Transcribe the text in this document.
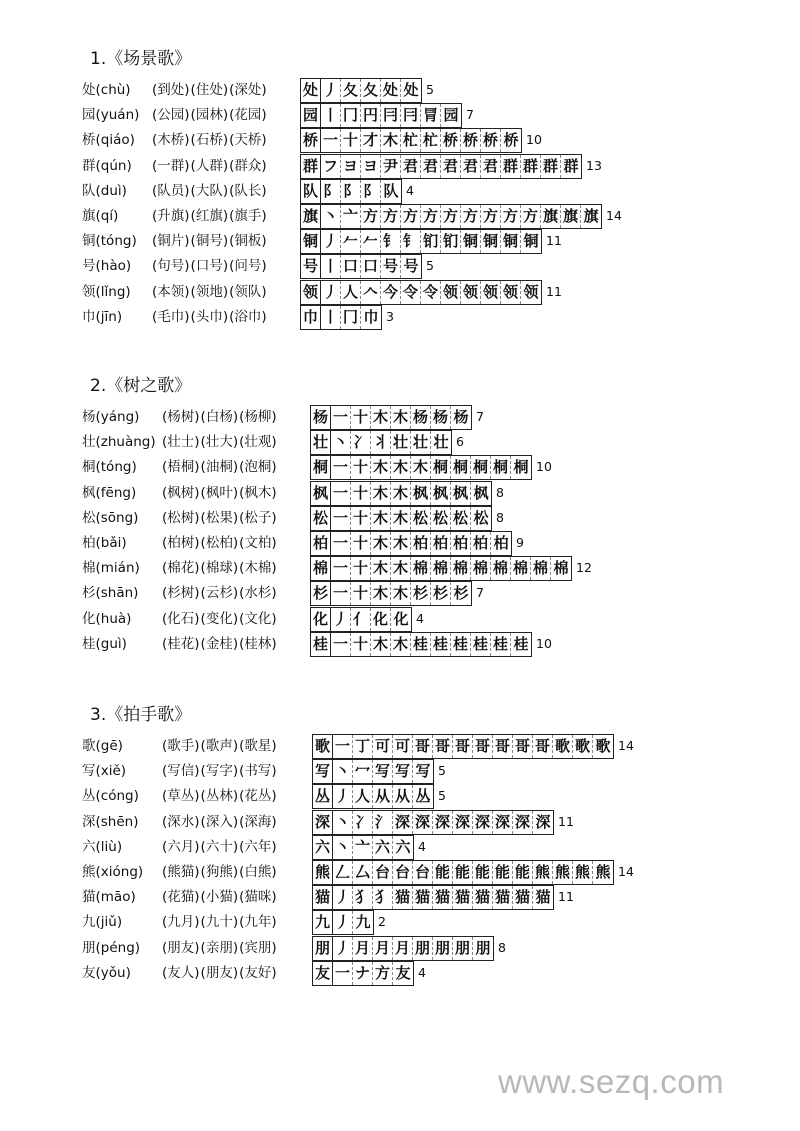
1.《场景歌》
处(chù) (到处)(住处)(深处) 处 丿 夂 夂 处 处 5
园(yuán) (公园)(园林)(花园) 园 丨 冂 円 冃 冃 冐 园 7
桥(qiáo) (木桥)(石桥)(天桥) 桥 一 十 才 木 杧 杧 桥 桥 桥 桥 10
群(qún) (一群)(人群)(群众) 群 フ ヨ ヨ 尹 君 君 君 君 君 群 群 群 群 13
队(duì) (队员)(大队)(队长) 队 阝 阝 阝 队 4
旗(qí) (升旗)(红旗)(旗手) 旗 丶 亠 方 方 方 方 方 方 方 方 方 旗 旗 旗 14
铜(tóng) (铜片)(铜号)(铜板) 铜 丿 𠂉 𠂉 钅 钅 钔 钔 铜 铜 铜 铜 11
号(hào) (句号)(口号)(问号) 号 丨 口 口 号 号 5
领(lǐng) (本领)(领地)(领队) 领 丿 人 𠆢 今 令 令 领 领 领 领 领 11
巾(jīn) (毛巾)(头巾)(浴巾) 巾 丨 冂 巾 3
2.《树之歌》
杨(yáng) (杨树)(白杨)(杨柳) 杨 一 十 木 木 杨 杨 杨 7
壮(zhuàng) (壮士)(壮大)(壮观) 壮 丶 冫 丬 壮 壮 壮 6
桐(tóng) (梧桐)(油桐)(泡桐) 桐 一 十 木 木 木 桐 桐 桐 桐 桐 10
枫(fēng) (枫树)(枫叶)(枫木) 枫 一 十 木 木 枫 枫 枫 枫 8
松(sōng) (松树)(松果)(松子) 松 一 十 木 木 松 松 松 松 8
柏(bǎi)	(柏树)(松柏)(文柏) 柏 一 十 木 木 柏 柏 柏 柏 柏 9
棉(mián) (棉花)(棉球)(木棉) 棉 一 十 木 木 棉 棉 棉 棉 棉 棉 棉 棉 12
杉(shān) (杉树)(云杉)(水杉) 杉 一 十 木 木 杉 杉 杉 7
化(huà) (化石)(变化)(文化) 化 丿 亻 化 化 4
桂(guì)	(桂花)(金桂)(桂林) 桂 一 十 木 木 桂 桂 桂 桂 桂 桂 10
3.《拍手歌》
歌(gē)	(歌手)(歌声)(歌星)	歌 一 丁 可 可 哥 哥 哥 哥 哥 哥 哥 歌 歌 歌 14
写(xiě)	(写信)(写字)(书写)	写 丶 冖 写 写 写 5
丛(cóng) (草丛)(丛林)(花丛)	丛 丿 人 从 从 丛 5
深(shēn) (深水)(深入)(深海)	深 丶 冫 氵 深 深 深 深 深 深 深 深 11
六(liù)	(六月)(六十)(六年)	六 丶 亠 六 六 4
熊(xióng) (熊猫)(狗熊)(白熊)	熊 𠃋 厶 台 台 台 能 能 能 能 能 熊 熊 熊 熊 14
猫(māo) (花猫)(小猫)(猫咪)	猫 丿 犭 犭 猫 猫 猫 猫 猫 猫 猫 猫 11
九(jiǔ)	(九月)(九十)(九年)	九 丿 九 2
朋(péng) (朋友)(亲朋)(宾朋)	朋 丿 月 月 月 朋 朋 朋 朋 8
友(yǒu) (友人)(朋友)(友好)	友 一 ナ 方 友 4
www.sezq.com
